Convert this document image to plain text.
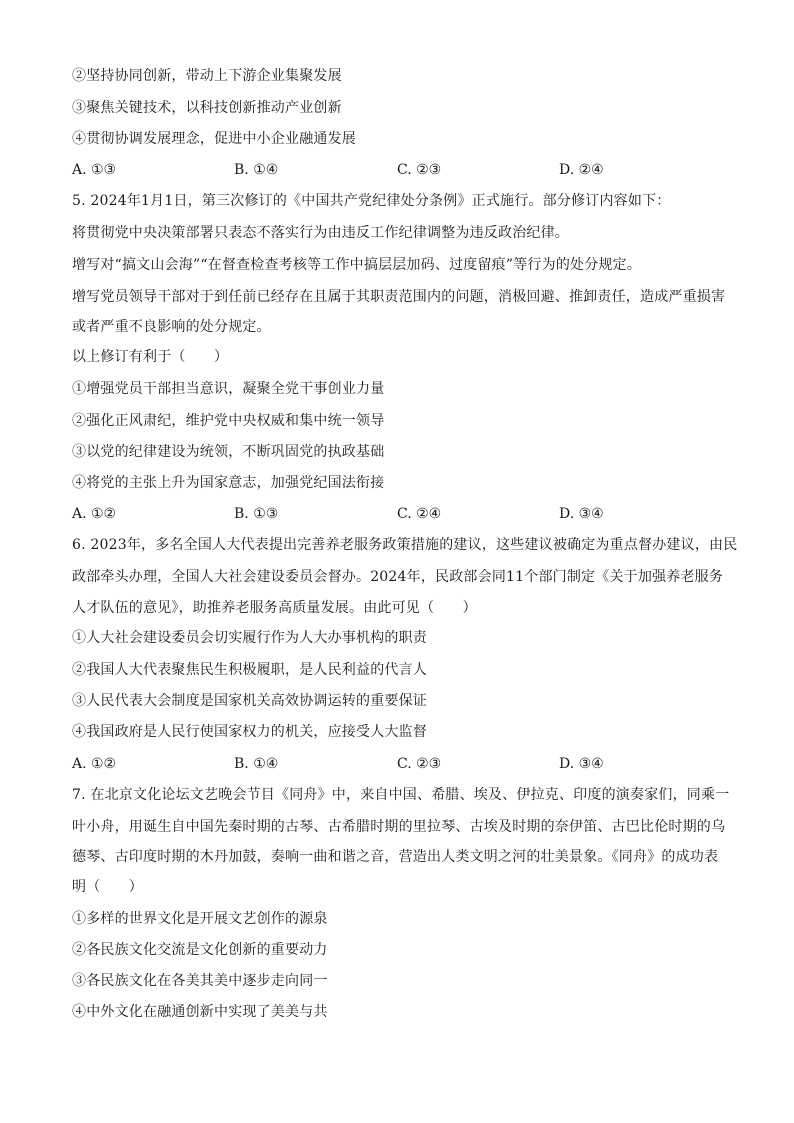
②坚持协同创新，带动上下游企业集聚发展
③聚焦关键技术，以科技创新推动产业创新
④贯彻协调发展理念，促进中小企业融通发展
A. ①③	B. ①④	C. ②③	D. ②④
5. 2024年1月1日，第三次修订的《中国共产党纪律处分条例》正式施行。部分修订内容如下：
将贯彻党中央决策部署只表态不落实行为由违反工作纪律调整为违反政治纪律。
增写对“搞文山会海”“在督查检查考核等工作中搞层层加码、过度留痕”等行为的处分规定。
增写党员领导干部对于到任前已经存在且属于其职责范围内的问题，消极回避、推卸责任，造成严重损害
或者严重不良影响的处分规定。
以上修订有利于（　　）
①增强党员干部担当意识，凝聚全党干事创业力量
②强化正风肃纪，维护党中央权威和集中统一领导
③以党的纪律建设为统领，不断巩固党的执政基础
④将党的主张上升为国家意志，加强党纪国法衔接
A. ①②	B. ①③	C. ②④	D. ③④
6. 2023年，多名全国人大代表提出完善养老服务政策措施的建议，这些建议被确定为重点督办建议，由民
政部牵头办理，全国人大社会建设委员会督办。2024年，民政部会同11个部门制定《关于加强养老服务
人才队伍的意见》，助推养老服务高质量发展。由此可见（　　）
①人大社会建设委员会切实履行作为人大办事机构的职责
②我国人大代表聚焦民生积极履职，是人民利益的代言人
③人民代表大会制度是国家机关高效协调运转的重要保证
④我国政府是人民行使国家权力的机关，应接受人大监督
A. ①②	B. ①④	C. ②③	D. ③④
7. 在北京文化论坛文艺晚会节目《同舟》中，来自中国、希腊、埃及、伊拉克、印度的演奏家们，同乘一
叶小舟，用诞生自中国先秦时期的古琴、古希腊时期的里拉琴、古埃及时期的奈伊笛、古巴比伦时期的乌
德琴、古印度时期的木丹加鼓，奏响一曲和谐之音，营造出人类文明之河的壮美景象。《同舟》的成功表
明（　　）
①多样的世界文化是开展文艺创作的源泉
②各民族文化交流是文化创新的重要动力
③各民族文化在各美其美中逐步走向同一
④中外文化在融通创新中实现了美美与共
